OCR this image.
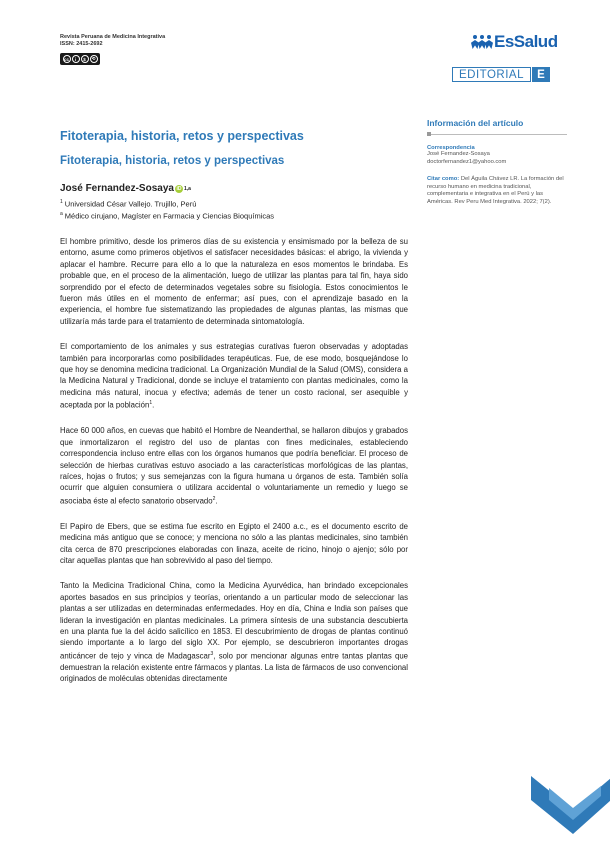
Revista Peruana de Medicina Integrativa
ISSN: 2415-2692
cc	i	$	⟲
EsSalud
EDITORIAL	E
Fitoterapia, historia, retos y perspectivas
Fitoterapia, historia, retos y perspectivas
José Fernandez-Sosaya iD 1,a
$^1$ Universidad César Vallejo. Trujillo, Perú
$^a$ Médico cirujano, Magíster en Farmacia y Ciencias Bioquímicas

El hombre primitivo, desde los primeros días de su existencia y ensimismado por la belleza de su entorno, asume como primeros objetivos el satisfacer necesidades básicas: el abrigo, la vivienda y aplacar el hambre. Recurre para ello a lo que la naturaleza en esos momentos le brindaba. Es probable que, en el proceso de la alimentación, luego de utilizar las plantas para tal fin, haya sido sorprendido por el efecto de determinados vegetales sobre su fisiología. Estos conocimientos le fueron más útiles en el momento de enfermar; así pues, con el aprendizaje basado en la experiencia, el hombre fue sistematizando las propiedades de algunas plantas, las mismas que utilizaría más tarde para el tratamiento de determinada sintomatología.

El comportamiento de los animales y sus estrategias curativas fueron observadas y adoptadas también para incorporarlas como posibilidades terapéuticas. Fue, de ese modo, bosquejándose lo que hoy se denomina medicina tradicional. La Organización Mundial de la Salud (OMS), considera a la Medicina Natural y Tradicional, donde se incluye el tratamiento con plantas medicinales, como la medicina más natural, inocua y efectiva; además de tener un costo racional, ser asequible y aceptada por la población$^1$.

Hace 60 000 años, en cuevas que habitó el Hombre de Neanderthal, se hallaron dibujos y grabados que inmortalizaron el registro del uso de plantas con fines medicinales, estableciendo correspondencia incluso entre ellas con los órganos humanos que podría beneficiar. El proceso de selección de hierbas curativas estuvo asociado a las características morfológicas de las plantas, raíces, hojas o frutos; y sus semejanzas con la figura humana u órganos de esta. También solía ocurrir que alguien consumiera o utilizara accidental o voluntariamente un remedio y luego se asociaba éste al efecto sanatorio observado$^2$.

El Papiro de Ebers, que se estima fue escrito en Egipto el 2400 a.c., es el documento escrito de medicina más antiguo que se conoce; y menciona no sólo a las plantas medicinales, sino también cita cerca de 870 prescripciones elaboradas con linaza, aceite de ricino, hinojo o ajenjo; sólo por citar aquellas plantas que han sobrevivido al paso del tiempo.

Tanto la Medicina Tradicional China, como la Medicina Ayurvédica, han brindado excepcionales aportes basados en sus principios y teorías, orientando a un particular modo de seleccionar las plantas a ser utilizadas en determinadas enfermedades. Hoy en día, China e India son países que lideran la investigación en plantas medicinales. La primera síntesis de una substancia descubierta en una planta fue la del ácido salicílico en 1853. El descubrimiento de drogas de plantas continuó siendo importante a lo largo del siglo XX. Por ejemplo, se descubrieron importantes drogas anticáncer de tejo y vinca de Madagascar$^3$, solo por mencionar algunas entre tantas plantas que demuestran la relación existente entre fármacos y plantas. La lista de fármacos de uso convencional originados de moléculas obtenidas directamente

Información del artículo
Correspondencia
José Fernandez-Sosaya
doctorfernandez1@yahoo.com
Citar como: Del Águila Chávez LR. La formación del recurso humano en medicina tradicional, complementaria e integrativa en el Perú y las Américas. Rev Peru Med Integrativa. 2022; 7(2).
